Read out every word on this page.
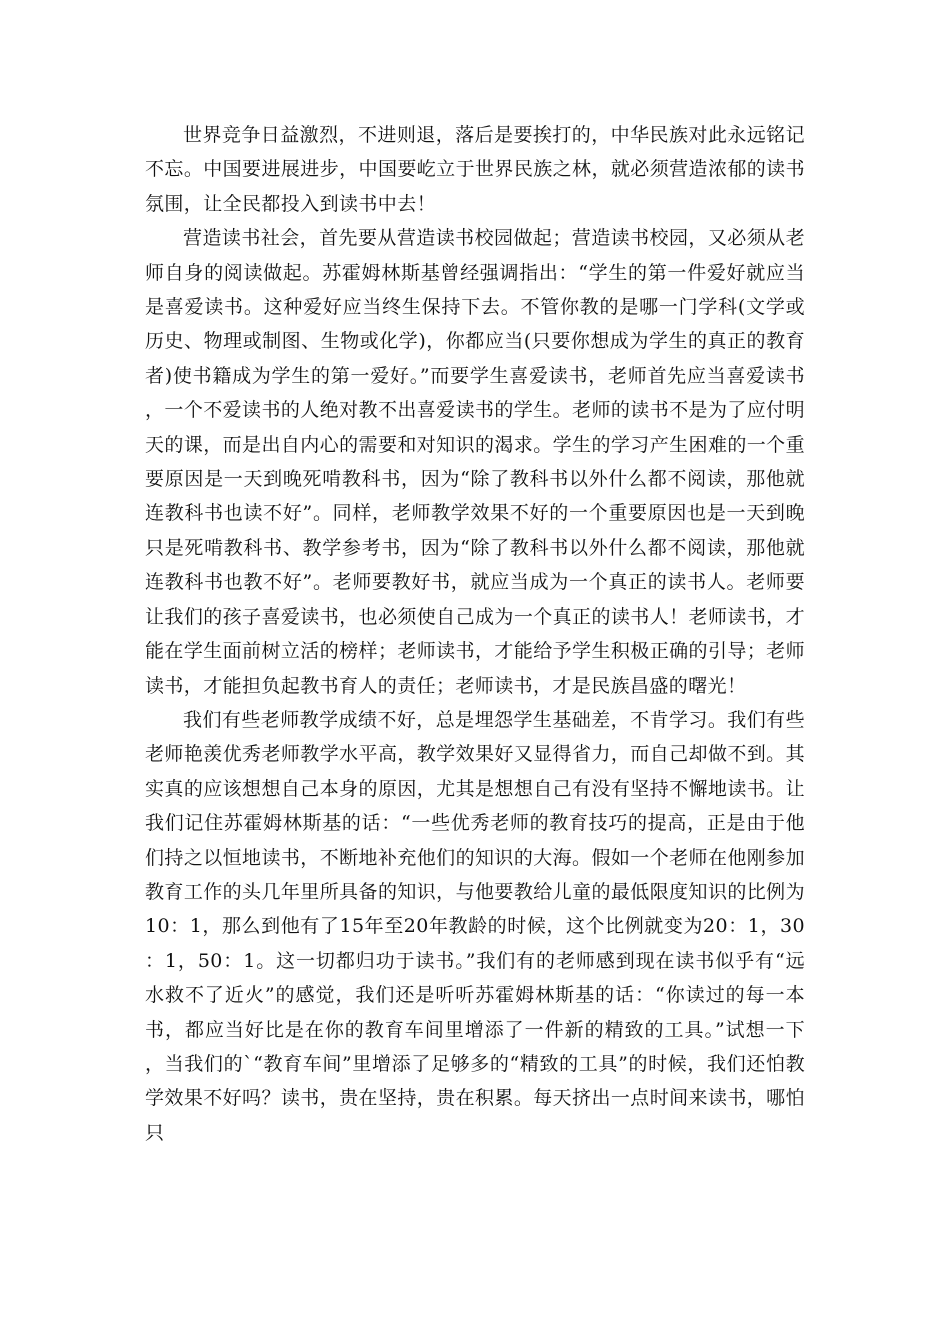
世界竞争日益激烈，不进则退，落后是要挨打的，中华民族对此永远铭记不忘。中国要进展进步，中国要屹立于世界民族之林，就必须营造浓郁的读书氛围，让全民都投入到读书中去！

营造读书社会，首先要从营造读书校园做起；营造读书校园，又必须从老师自身的阅读做起。苏霍姆林斯基曾经强调指出：“学生的第一件爱好就应当是喜爱读书。这种爱好应当终生保持下去。不管你教的是哪一门学科(文学或历史、物理或制图、生物或化学)，你都应当(只要你想成为学生的真正的教育者)使书籍成为学生的第一爱好。”而要学生喜爱读书，老师首先应当喜爱读书，一个不爱读书的人绝对教不出喜爱读书的学生。老师的读书不是为了应付明天的课，而是出自内心的需要和对知识的渴求。学生的学习产生困难的一个重要原因是一天到晚死啃教科书，因为“除了教科书以外什么都不阅读，那他就连教科书也读不好”。同样，老师教学效果不好的一个重要原因也是一天到晚只是死啃教科书、教学参考书，因为“除了教科书以外什么都不阅读，那他就连教科书也教不好”。老师要教好书，就应当成为一个真正的读书人。老师要让我们的孩子喜爱读书，也必须使自己成为一个真正的读书人！老师读书，才能在学生面前树立活的榜样；老师读书，才能给予学生积极正确的引导；老师读书，才能担负起教书育人的责任；老师读书，才是民族昌盛的曙光！

我们有些老师教学成绩不好，总是埋怨学生基础差，不肯学习。我们有些老师艳羡优秀老师教学水平高，教学效果好又显得省力，而自己却做不到。其实真的应该想想自己本身的原因，尤其是想想自己有没有坚持不懈地读书。让我们记住苏霍姆林斯基的话：“一些优秀老师的教育技巧的提高，正是由于他们持之以恒地读书，不断地补充他们的知识的大海。假如一个老师在他刚参加教育工作的头几年里所具备的知识，与他要教给儿童的最低限度知识的比例为10：1，那么到他有了15年至20年教龄的时候，这个比例就变为20：1，30：1，50：1。这一切都归功于读书。”我们有的老师感到现在读书似乎有“远水救不了近火”的感觉，我们还是听听苏霍姆林斯基的话：“你读过的每一本书，都应当好比是在你的教育车间里增添了一件新的精致的工具。”试想一下，当我们的`“教育车间”里增添了足够多的“精致的工具”的时候，我们还怕教学效果不好吗？读书，贵在坚持，贵在积累。每天挤出一点时间来读书，哪怕只
